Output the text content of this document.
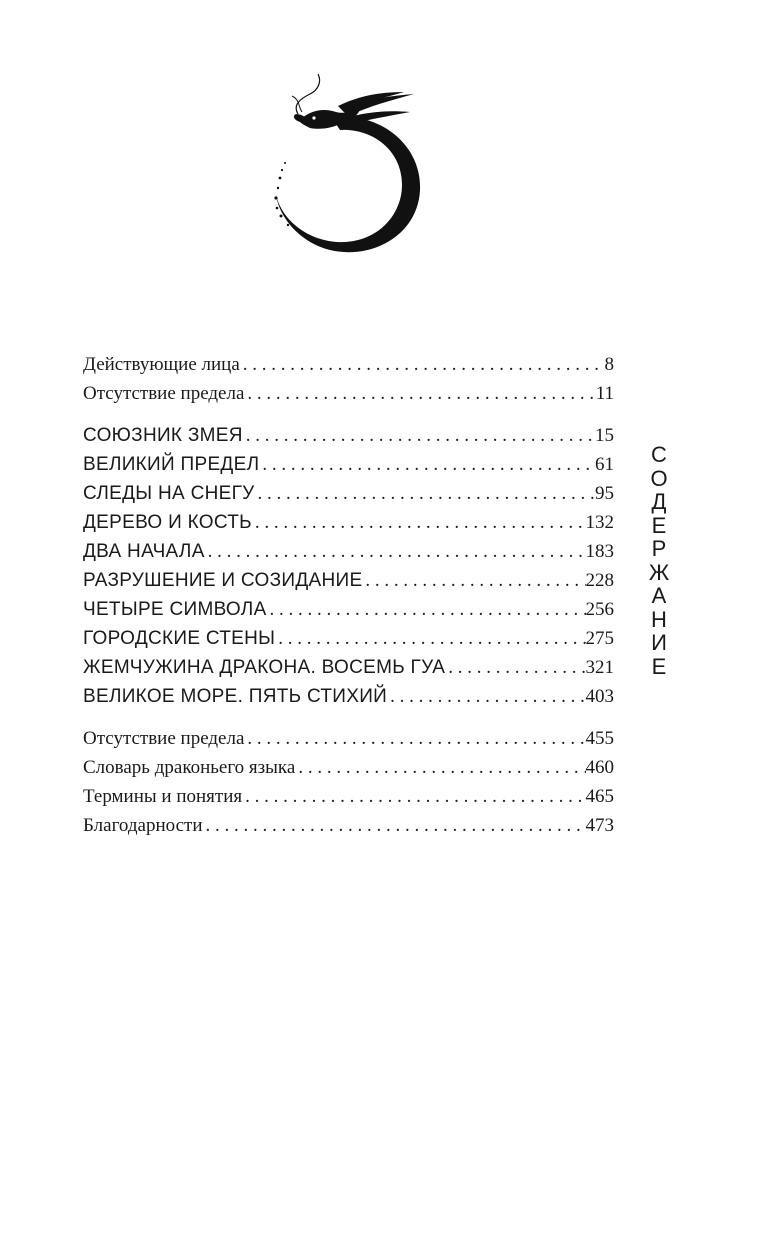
Действующие лица . . .	8
Отсутствие предела . . .	11
СОЮЗНИК ЗМЕЯ . . .	15
ВЕЛИКИЙ ПРЕДЕЛ . . .	61
СЛЕДЫ НА СНЕГУ . . .	95
ДЕРЕВО И КОСТЬ . . .	132
ДВА НАЧАЛА . . .	183
РАЗРУШЕНИЕ И СОЗИДАНИЕ . . .	228
ЧЕТЫРЕ СИМВОЛА . . .	256
ГОРОДСКИЕ СТЕНЫ . . .	275
ЖЕМЧУЖИНА ДРАКОНА. ВОСЕМЬ ГУА . . .	321
ВЕЛИКОЕ МОРЕ. ПЯТЬ СТИХИЙ . . .	403
Отсутствие предела . . .	455
Словарь драконьего языка . . .	460
Термины и понятия . . .	465
Благодарности . . .	473
С
О
Д
Е
Р
Ж
А
Н
И
Е
